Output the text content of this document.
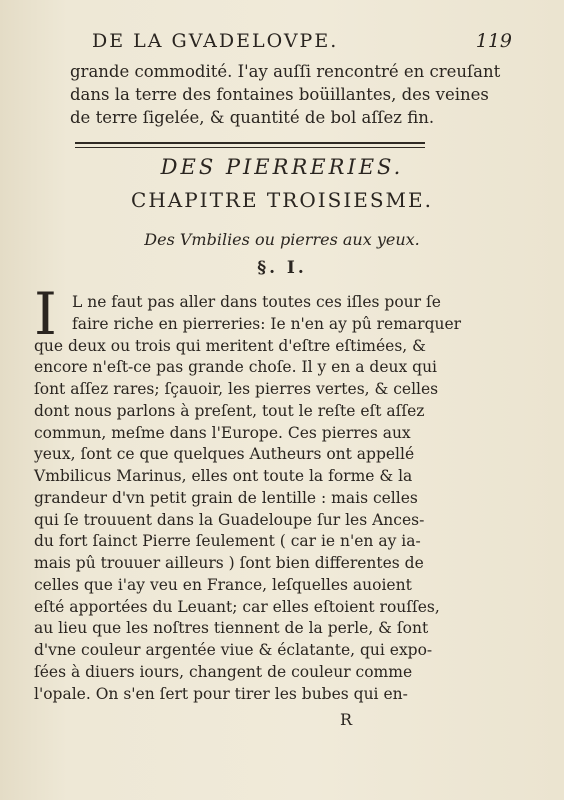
DE LA GVADELOVPE.	119
grande commodité. I'ay auſſi rencontré en creuſant
dans la terre des fontaines boüillantes, des veines
de terre ſigelée, & quantité de bol aſſez fin.
DES PIERRERIES.
CHAPITRE TROISIESME.
Des Vmbilies ou pierres aux yeux.
§. I.
I L ne faut pas aller dans toutes ces iſles pour ſe
faire riche en pierreries: Ie n'en ay pû remarquer
que deux ou trois qui meritent d'eſtre eſtimées, &
encore n'eſt-ce pas grande choſe. Il y en a deux qui
ſont aſſez rares; ſçauoir, les pierres vertes, & celles
dont nous parlons à preſent, tout le reſte eſt aſſez
commun, meſme dans l'Europe. Ces pierres aux
yeux, ſont ce que quelques Autheurs ont appellé
Vmbilicus Marinus, elles ont toute la forme & la
grandeur d'vn petit grain de lentille : mais celles
qui ſe trouuent dans la Guadeloupe ſur les Ances-
du fort ſainct Pierre ſeulement ( car ie n'en ay ia-
mais pû trouuer ailleurs ) ſont bien differentes de
celles que i'ay veu en France, leſquelles auoient
eſté apportées du Leuant; car elles eſtoient rouſſes,
au lieu que les noſtres tiennent de la perle, & ſont
d'vne couleur argentée viue & éclatante, qui expo-
ſées à diuers iours, changent de couleur comme
l'opale. On s'en ſert pour tirer les bubes qui en-
R
